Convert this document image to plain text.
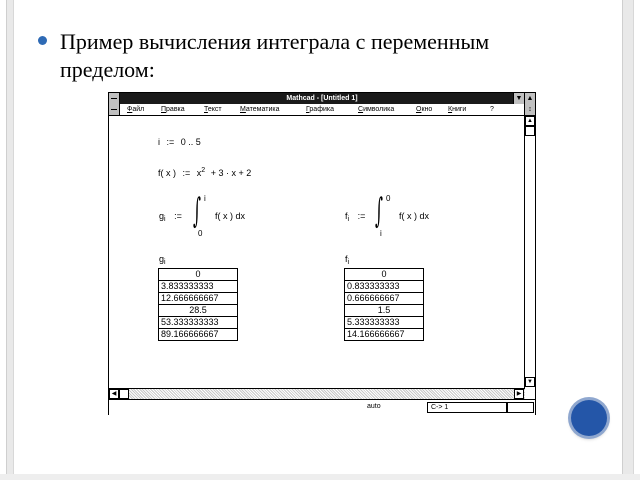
Пример вычисления интеграла с переменным пределом:
Mathcad - [Untitled 1]	▼ ▲
Файл Правка	Текст	Математика	Графика	Символика	Окно Книги	?	↕
i := 0 .. 5
f( x ) := $x^2 + 3 \cdot x + 2$
$g_i$ := ∫ i
0
f( x ) dx	$f_i$ := ∫ 0
i
f( x ) dx
$g_i$
0
3.833333333
12.666666667
28.5
53.333333333
89.166666667
$f_i$
0
0.833333333
0.666666667
1.5
5.333333333
14.166666667
▲
▼
◀	▶
auto	C-> 1
